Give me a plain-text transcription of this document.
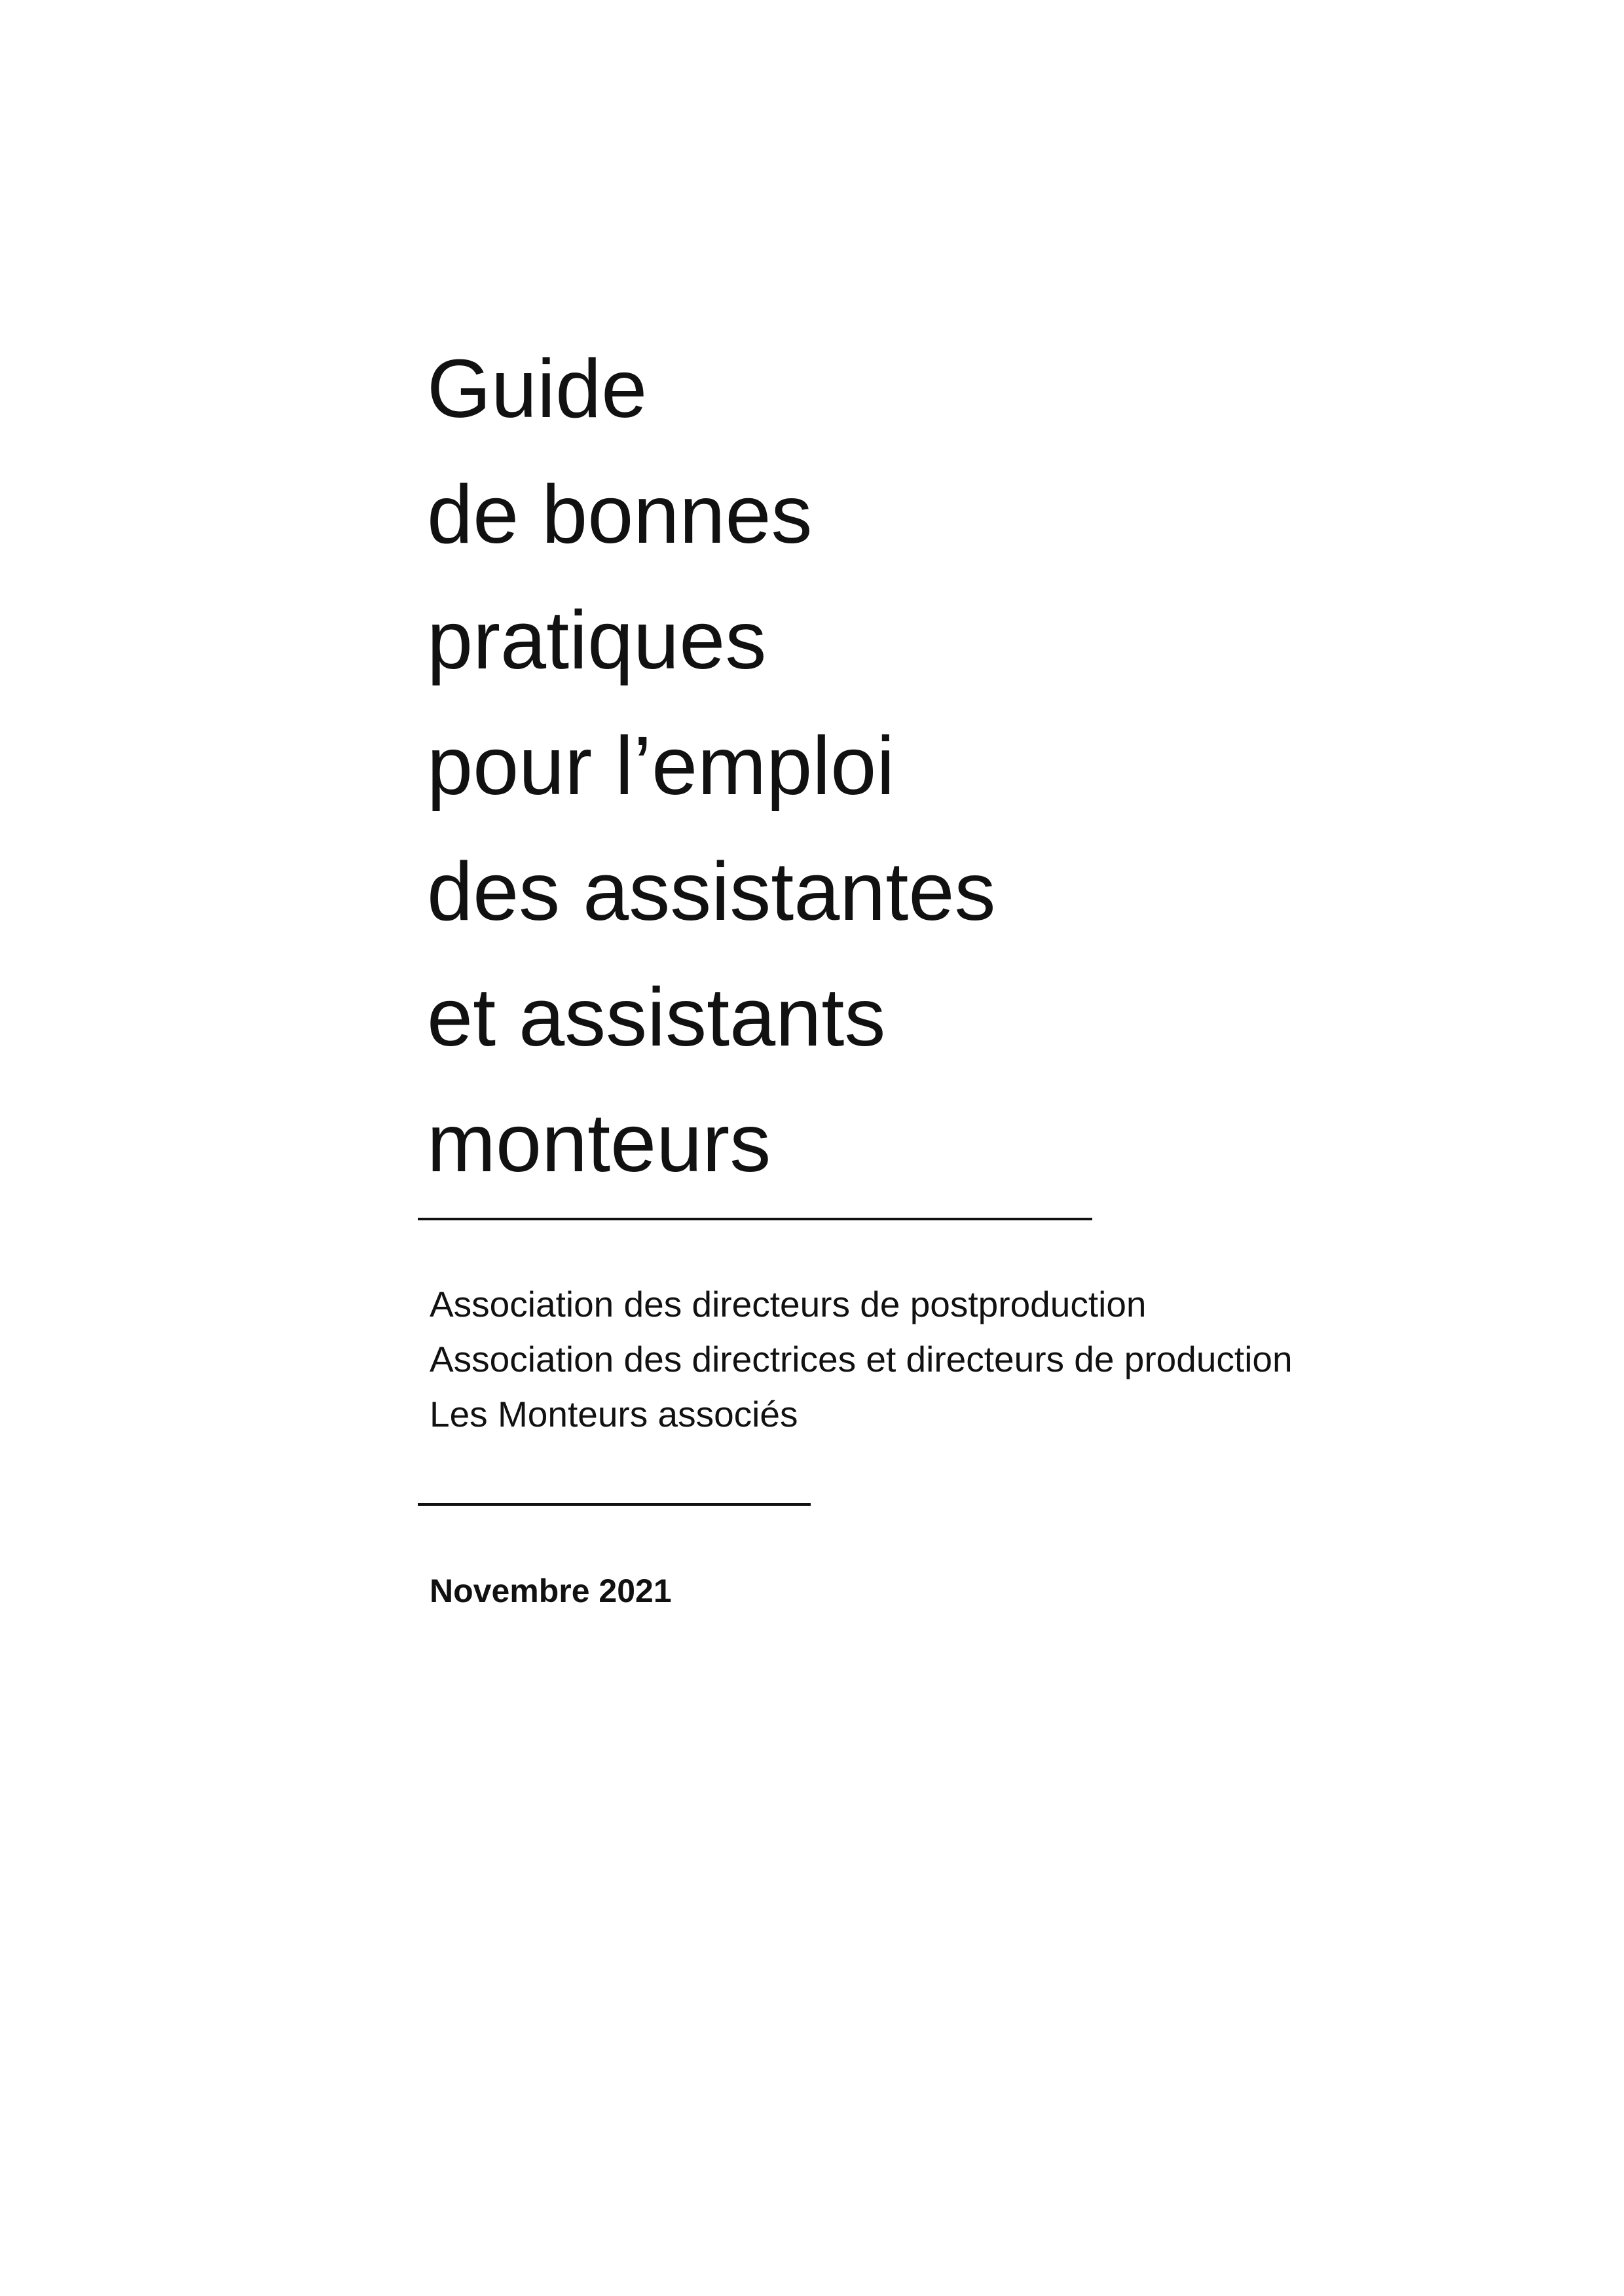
Guide
de bonnes
pratiques
pour l’emploi
des assistantes
et assistants
monteurs
Association des directeurs de postproduction
Association des directrices et directeurs de production
Les Monteurs associés
Novembre 2021
